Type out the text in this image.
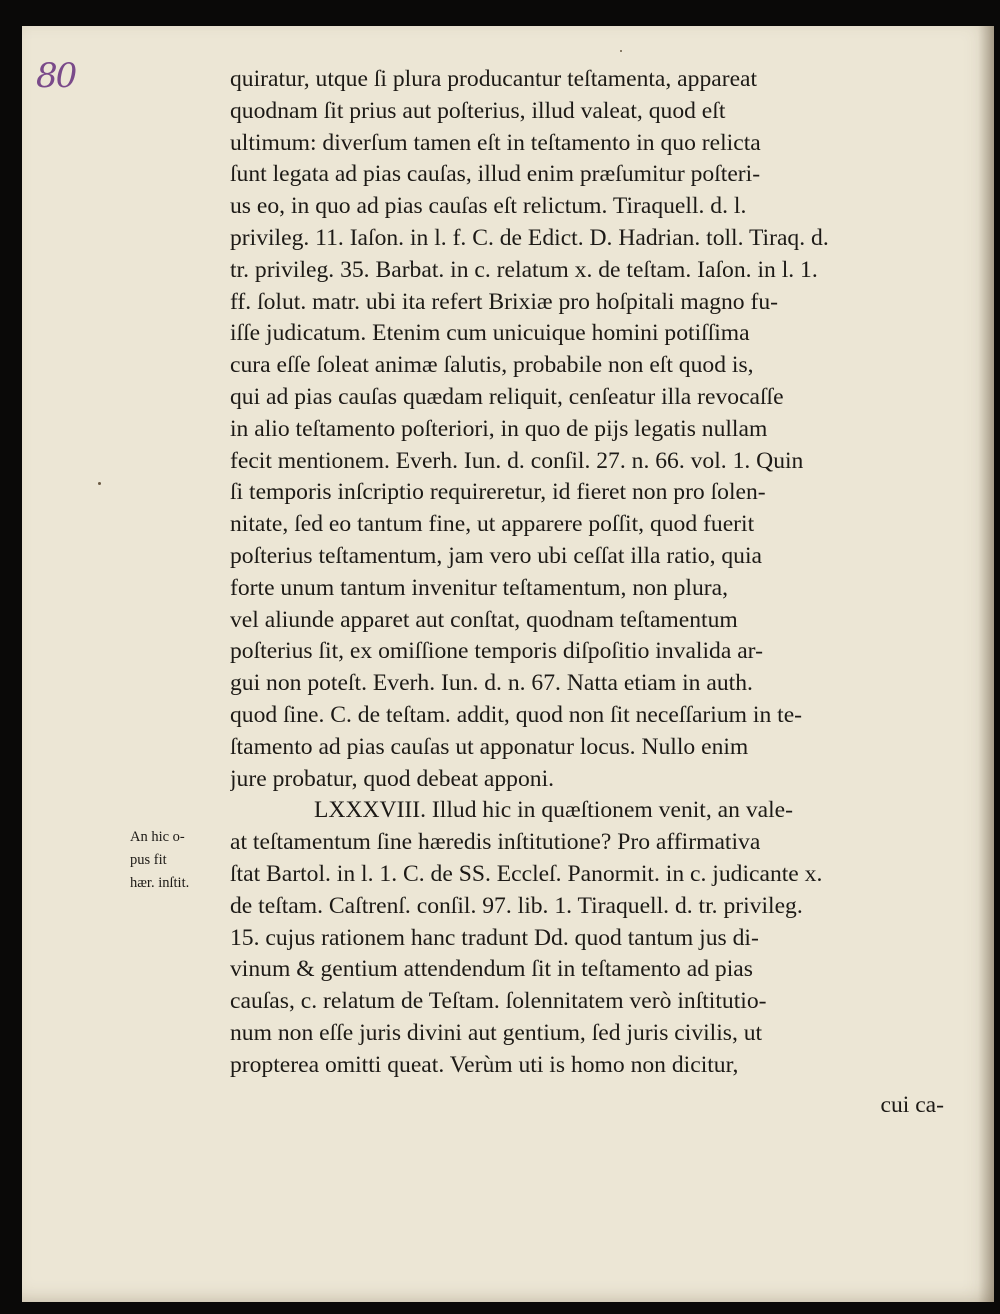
80
An hic o-
pus fit
hær. inſtit.
quiratur, utque ſi plura producantur teſtamenta, appareat
quodnam ſit prius aut poſterius, illud valeat, quod eſt
ultimum: diverſum tamen eſt in teſtamento in quo relicta
ſunt legata ad pias cauſas, illud enim præſumitur poſteri-
us eo, in quo ad pias cauſas eſt relictum. Tiraquell. d. l.
privileg. 11. Iaſon. in l. f. C. de Edict. D. Hadrian. toll. Tiraq. d.
tr. privileg. 35. Barbat. in c. relatum x. de teſtam. Iaſon. in l. 1.
ff. ſolut. matr. ubi ita refert Brixiæ pro hoſpitali magno fu-
iſſe judicatum. Etenim cum unicuique homini potiſſima
cura eſſe ſoleat animæ ſalutis, probabile non eſt quod is,
qui ad pias cauſas quædam reliquit, cenſeatur illa revocaſſe
in alio teſtamento poſteriori, in quo de pijs legatis nullam
fecit mentionem. Everh. Iun. d. conſil. 27. n. 66. vol. 1. Quin
ſi temporis inſcriptio requireretur, id fieret non pro ſolen-
nitate, ſed eo tantum fine, ut apparere poſſit, quod fuerit
poſterius teſtamentum, jam vero ubi ceſſat illa ratio, quia
forte unum tantum invenitur teſtamentum, non plura,
vel aliunde apparet aut conſtat, quodnam teſtamentum
poſterius ſit, ex omiſſione temporis diſpoſitio invalida ar-
gui non poteſt. Everh. Iun. d. n. 67. Natta etiam in auth.
quod ſine. C. de teſtam. addit, quod non ſit neceſſarium in te-
ſtamento ad pias cauſas ut apponatur locus. Nullo enim
jure probatur, quod debeat apponi.
LXXXVIII. Illud hic in quæſtionem venit, an vale-
at teſtamentum ſine hæredis inſtitutione? Pro affirmativa
ſtat Bartol. in l. 1. C. de SS. Eccleſ. Panormit. in c. judicante x.
de teſtam. Caſtrenſ. conſil. 97. lib. 1. Tiraquell. d. tr. privileg.
15. cujus rationem hanc tradunt Dd. quod tantum jus di-
vinum & gentium attendendum ſit in teſtamento ad pias
cauſas, c. relatum de Teſtam. ſolennitatem verò inſtitutio-
num non eſſe juris divini aut gentium, ſed juris civilis, ut
propterea omitti queat. Verùm uti is homo non dicitur,
cui ca-
